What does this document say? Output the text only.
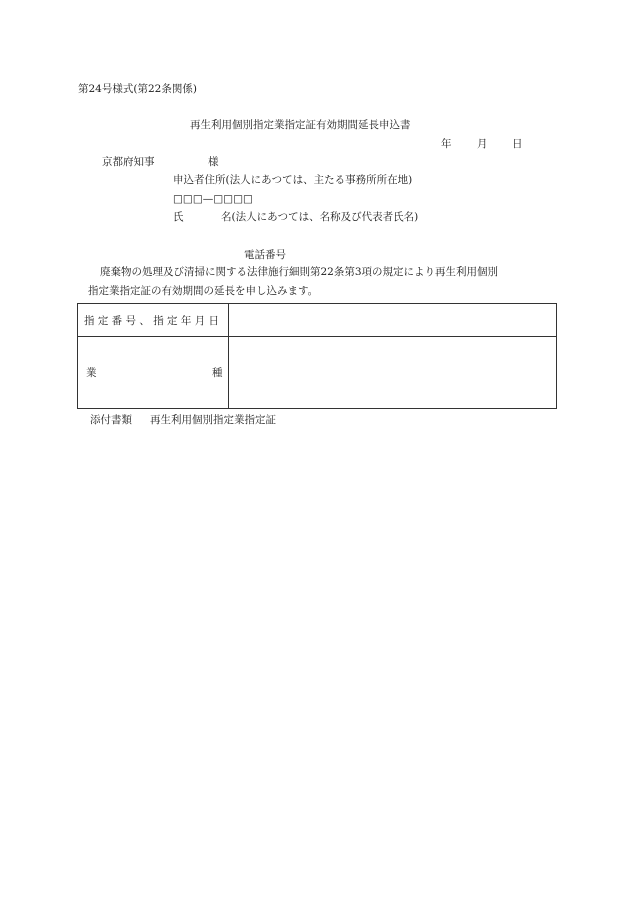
第24号様式(第22条関係)
再生利用個別指定業指定証有効期間延長申込書
年 月 日
京都府知事	様
申込者住所(法人にあつては、主たる事務所所在地)
□□□—□□□□
氏	名(法人にあつては、名称及び代表者氏名)
電話番号
廃棄物の処理及び清掃に関する法律施行細則第22条第3項の規定により再生利用個別
指定業指定証の有効期間の延長を申し込みます。
指 定 番 号 、 指 定 年 月 日
業	種
添付書類 再生利用個別指定業指定証
